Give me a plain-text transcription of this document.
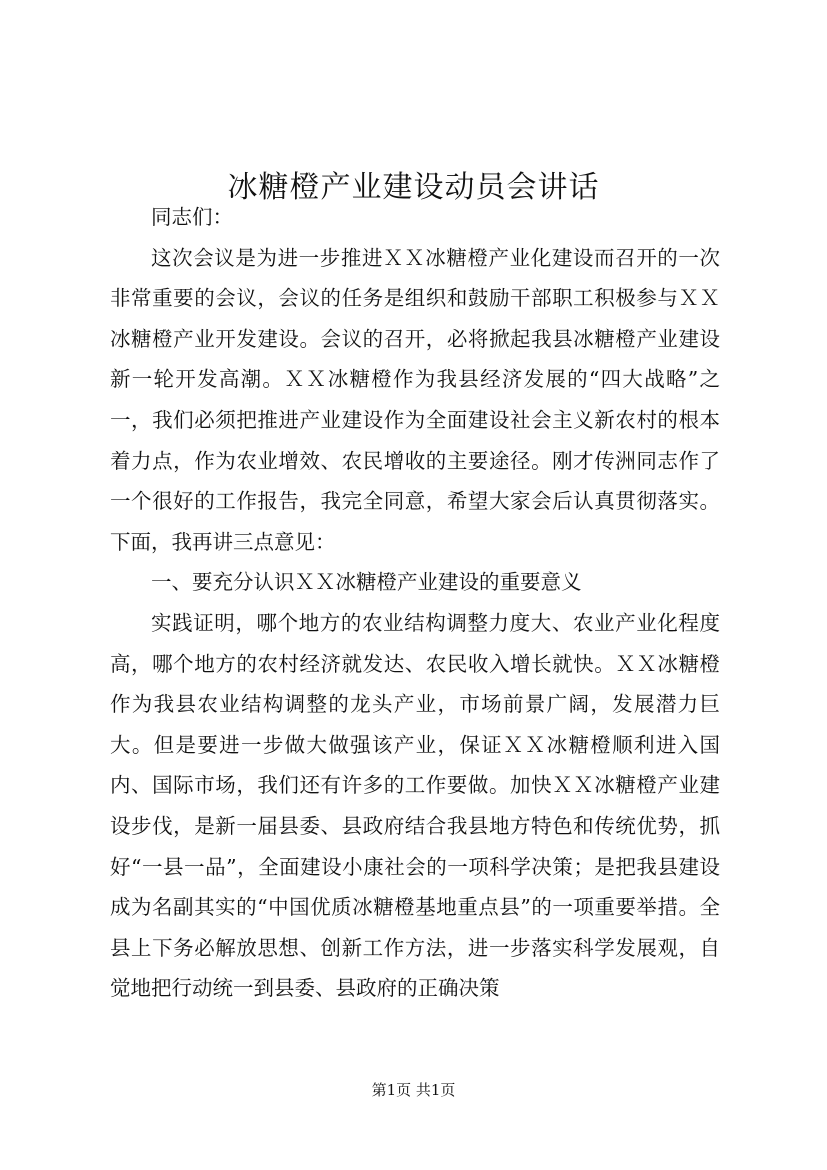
冰糖橙产业建设动员会讲话

同志们：

这次会议是为进一步推进ＸＸ冰糖橙产业化建设而召开的一次非常重要的会议，会议的任务是组织和鼓励干部职工积极参与ＸＸ冰糖橙产业开发建设。会议的召开，必将掀起我县冰糖橙产业建设新一轮开发高潮。ＸＸ冰糖橙作为我县经济发展的“四大战略”之一，我们必须把推进产业建设作为全面建设社会主义新农村的根本着力点，作为农业增效、农民增收的主要途径。刚才传洲同志作了一个很好的工作报告，我完全同意，希望大家会后认真贯彻落实。下面，我再讲三点意见：

一、要充分认识ＸＸ冰糖橙产业建设的重要意义

实践证明，哪个地方的农业结构调整力度大、农业产业化程度高，哪个地方的农村经济就发达、农民收入增长就快。ＸＸ冰糖橙作为我县农业结构调整的龙头产业，市场前景广阔，发展潜力巨大。但是要进一步做大做强该产业，保证ＸＸ冰糖橙顺利进入国内、国际市场，我们还有许多的工作要做。加快ＸＸ冰糖橙产业建设步伐，是新一届县委、县政府结合我县地方特色和传统优势，抓好“一县一品”，全面建设小康社会的一项科学决策；是把我县建设成为名副其实的“中国优质冰糖橙基地重点县”的一项重要举措。全县上下务必解放思想、创新工作方法，进一步落实科学发展观，自觉地把行动统一到县委、县政府的正确决策

第1页 共1页
